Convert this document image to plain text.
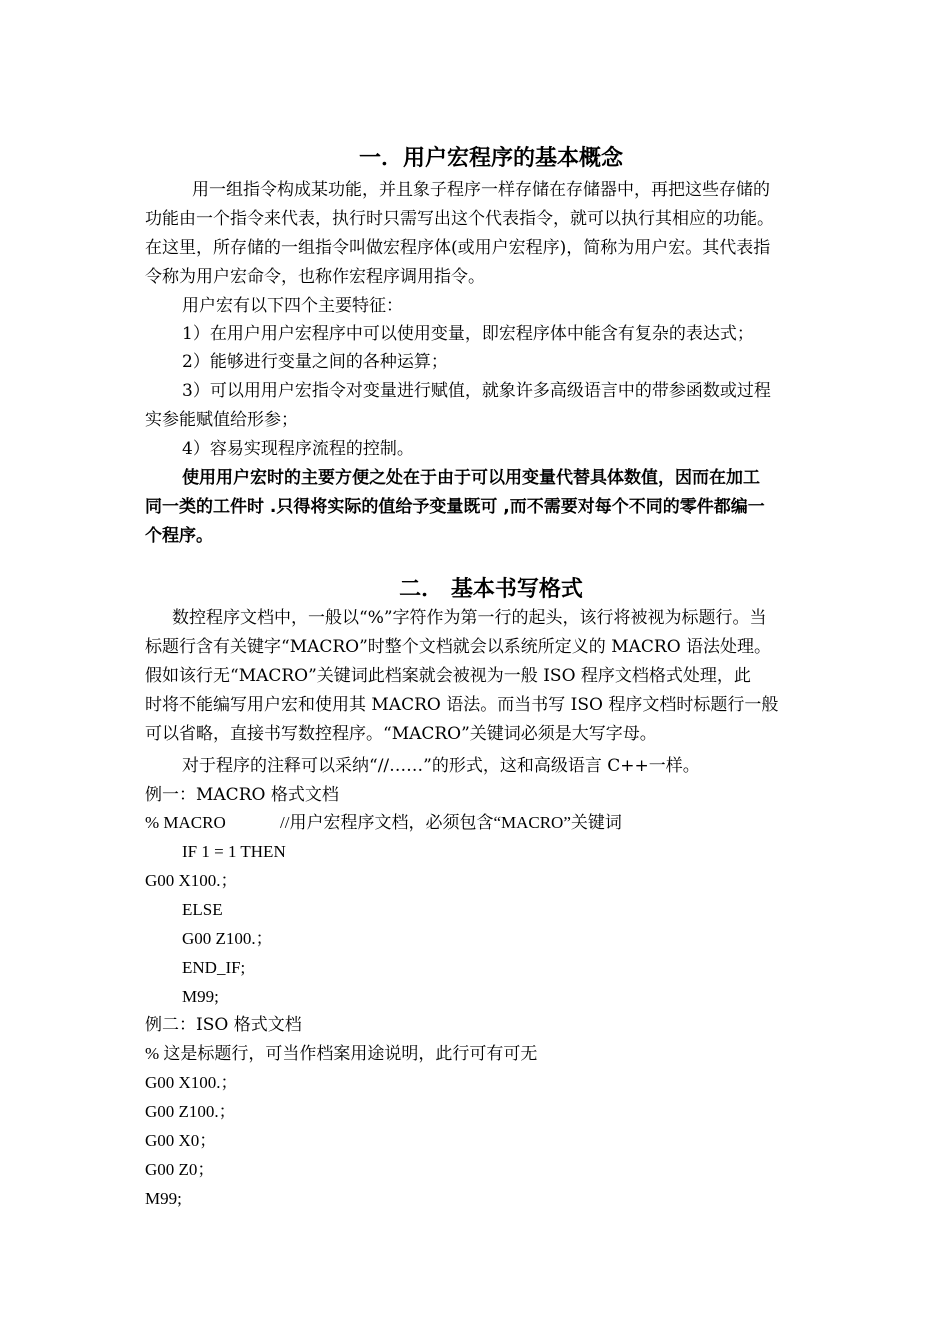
一．用户宏程序的基本概念
用一组指令构成某功能，并且象子程序一样存储在存储器中，再把这些存储的
功能由一个指令来代表，执行时只需写出这个代表指令，就可以执行其相应的功能。
在这里，所存储的一组指令叫做宏程序体(或用户宏程序)，简称为用户宏。其代表指
令称为用户宏命令，也称作宏程序调用指令。
用户宏有以下四个主要特征：
1）在用户用户宏程序中可以使用变量，即宏程序体中能含有复杂的表达式；
2）能够进行变量之间的各种运算；
3）可以用用户宏指令对变量进行赋值，就象许多高级语言中的带参函数或过程
实参能赋值给形参；
4）容易实现程序流程的控制。
使用用户宏时的主要方便之处在于由于可以用变量代替具体数值，因而在加工
同一类的工件时 .只得将实际的值给予变量既可 ,而不需要对每个不同的零件都编一
个程序。
二． 基本书写格式
数控程序文档中，一般以“%”字符作为第一行的起头，该行将被视为标题行。当
标题行含有关键字“MACRO”时整个文档就会以系统所定义的 MACRO 语法处理。
假如该行无“MACRO”关键词此档案就会被视为一般 ISO 程序文档格式处理，此
时将不能编写用户宏和使用其 MACRO 语法。而当书写 ISO 程序文档时标题行一般
可以省略，直接书写数控程序。“MACRO”关键词必须是大写字母。
对于程序的注释可以采纳“//……”的形式，这和高级语言 C++一样。
例一：MACRO 格式文档
% MACRO	//用户宏程序文档，必须包含“MACRO”关键词
IF 1 = 1 THEN
G00 X100.；
ELSE
G00 Z100.；
END_IF;
M99;
例二：ISO 格式文档
% 这是标题行，可当作档案用途说明，此行可有可无
G00 X100.；
G00 Z100.；
G00 X0；
G00 Z0；
M99;
